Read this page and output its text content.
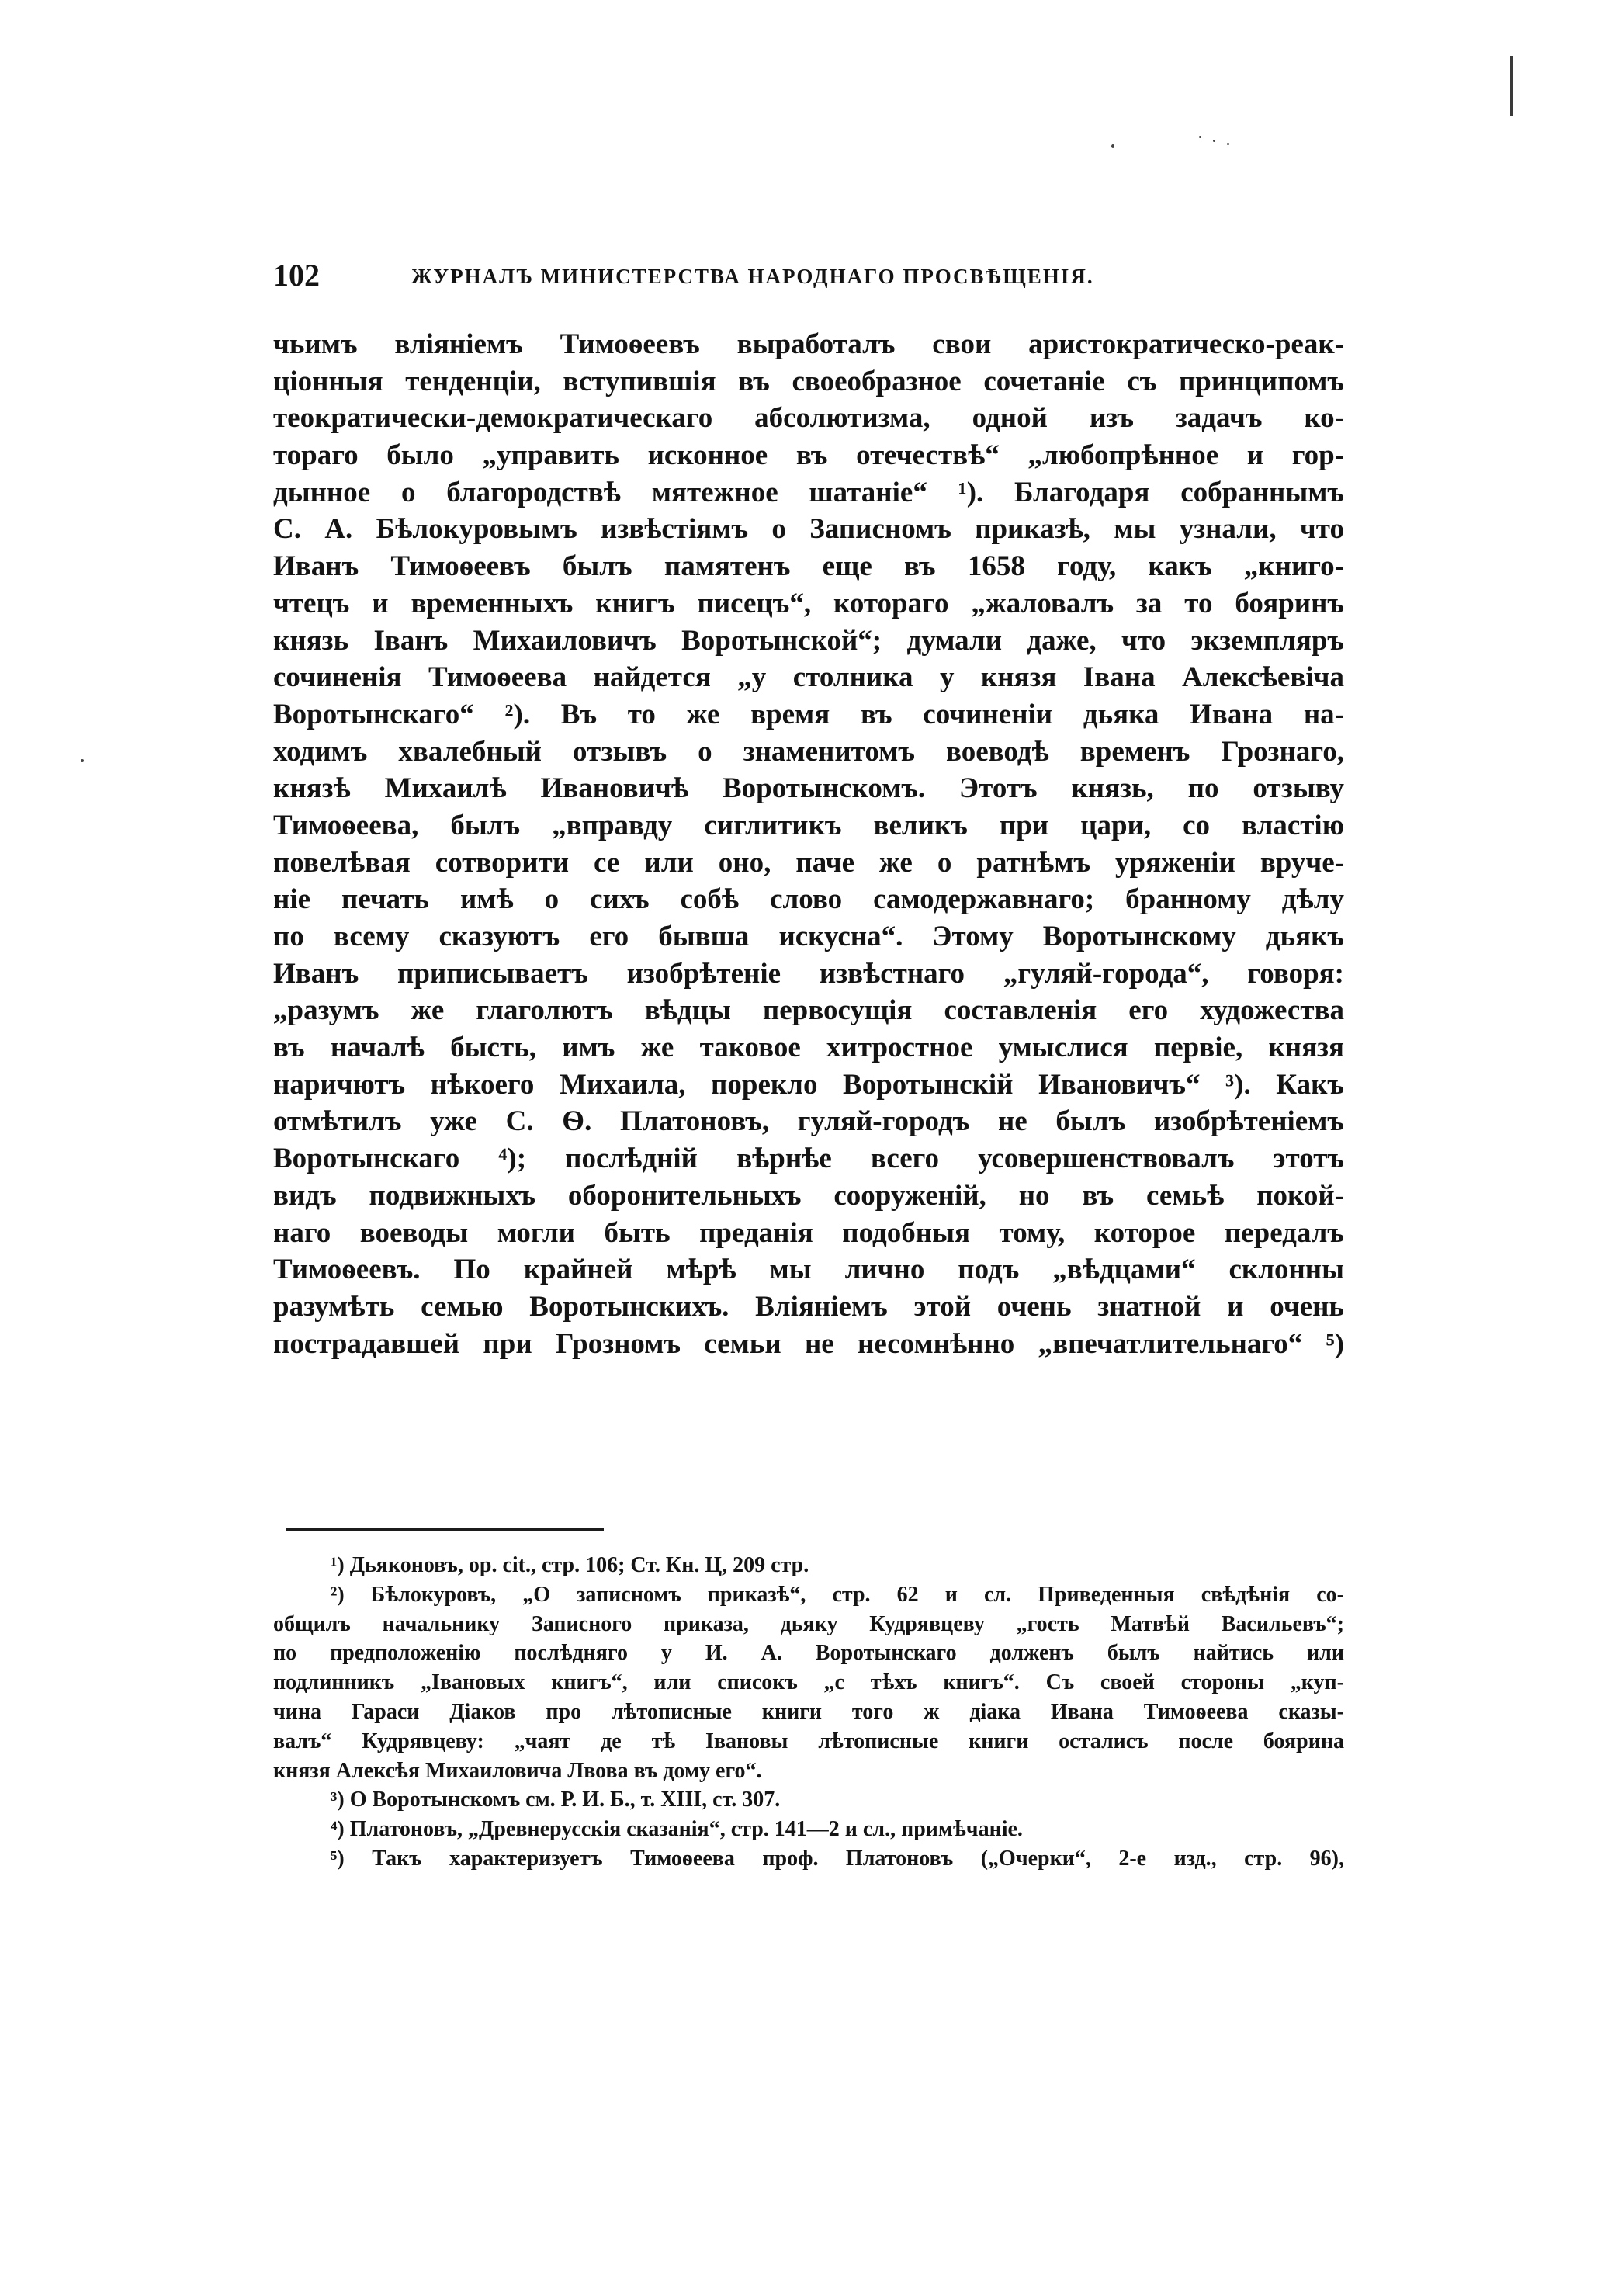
102	ЖУРНАЛЪ МИНИСТЕРСТВА НАРОДНАГО ПРОСВѢЩЕНІЯ.
чьимъ вліяніемъ Тимоѳеевъ выработалъ свои аристократическо-реак-
ціонныя тенденціи, вступившія въ своеобразное сочетаніе съ принципомъ
теократически-демократическаго абсолютизма, одной изъ задачъ ко-
тораго было „управить исконное въ отечествѣ“ „любопрѣнное и гор-
дынное о благородствѣ мятежное шатаніе“ ¹). Благодаря собраннымъ
С. А. Бѣлокуровымъ извѣстіямъ о Записномъ приказѣ, мы узнали, что
Иванъ Тимоѳеевъ былъ памятенъ еще въ 1658 году, какъ „книго-
чтецъ и временныхъ книгъ писецъ“, котораго „жаловалъ за то бояринъ
князь Іванъ Михаиловичъ Воротынской“; думали даже, что экземпляръ
сочиненія Тимоѳеева найдется „у столника у князя Івана Алексѣевіча
Воротынскаго“ ²). Въ то же время въ сочиненіи дьяка Ивана на-
ходимъ хвалебный отзывъ о знаменитомъ воеводѣ временъ Грознаго,
князѣ Михаилѣ Ивановичѣ Воротынскомъ. Этотъ князь, по отзыву
Тимоѳеева, былъ „вправду сиглитикъ великъ при цари, со властію
повелѣвая сотворити се или оно, паче же о ратнѣмъ уряженіи вруче-
ніе печать имѣ о сихъ собѣ слово самодержавнаго; бранному дѣлу
по всему сказуютъ его бывша искусна“. Этому Воротынскому дьякъ
Иванъ приписываетъ изобрѣтеніе извѣстнаго „гуляй-города“, говоря:
„разумъ же глаголютъ вѣдцы первосущія составленія его художества
въ началѣ бысть, имъ же таковое хитростное умыслися первіе, князя
наричютъ нѣкоего Михаила, порекло Воротынскій Ивановичъ“ ³). Какъ
отмѣтилъ уже С. Ѳ. Платоновъ, гуляй-городъ не былъ изобрѣтеніемъ
Воротынскаго ⁴); послѣдній вѣрнѣе всего усовершенствовалъ этотъ
видъ подвижныхъ оборонительныхъ сооруженій, но въ семьѣ покой-
наго воеводы могли быть преданія подобныя тому, которое передалъ
Тимоѳеевъ. По крайней мѣрѣ мы лично подъ „вѣдцами“ склонны
разумѣть семью Воротынскихъ. Вліяніемъ этой очень знатной и очень
пострадавшей при Грозномъ семьи не несомнѣнно „впечатлительнаго“ ⁵)
¹) Дьяконовъ, op. cit., стр. 106; Ст. Кн. Ц, 209 стр.
²) Бѣлокуровъ, „О записномъ приказѣ“, стр. 62 и сл. Приведенныя свѣдѣнія со-
общилъ начальнику Записного приказа, дьяку Кудрявцеву „гость Матвѣй Васильевъ“;
по предположенію послѣдняго у И. А. Воротынскаго долженъ былъ найтись или
подлинникъ „Івановых книгъ“, или списокъ „с тѣхъ книгъ“. Съ своей стороны „куп-
чина Гараси Діаков про лѣтописные книги того ж діака Ивана Тимоѳеева сказы-
валъ“ Кудрявцеву: „чаят де тѣ Івановы лѣтописные книги осталисъ после боярина
князя Алексѣя Михаиловича Лвова въ дому его“.
³) О Воротынскомъ см. Р. И. Б., т. XIII, ст. 307.
⁴) Платоновъ, „Древнерусскія сказанія“, стр. 141—2 и сл., примѣчаніе.
⁵) Такъ характеризуетъ Тимоѳеева проф. Платоновъ („Очерки“, 2-е изд., стр. 96),
